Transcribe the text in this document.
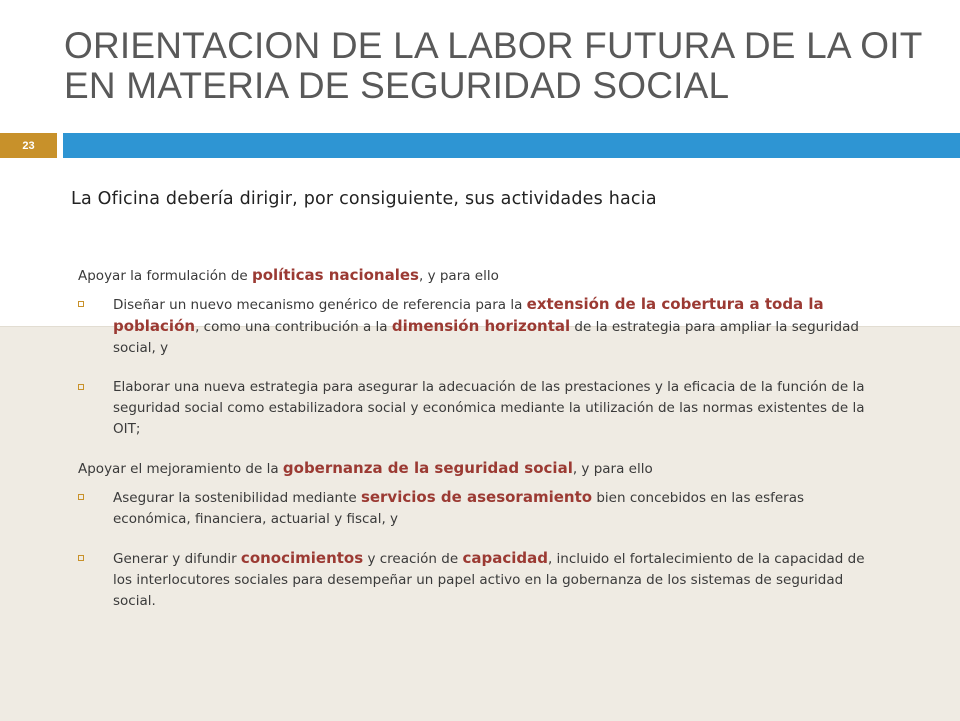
ORIENTACION DE LA LABOR FUTURA DE LA OIT
EN MATERIA DE SEGURIDAD SOCIAL
23
La Oficina debería dirigir, por consiguiente, sus actividades hacia

Apoyar la formulación de políticas nacionales, y para ello

Diseñar un nuevo mecanismo genérico de referencia para la extensión de la cobertura a toda la población, como una contribución a la dimensión horizontal de la estrategia para ampliar la seguridad social, y
Elaborar una nueva estrategia para asegurar la adecuación de las prestaciones y la eficacia de la función de la seguridad social como estabilizadora social y económica mediante la utilización de las normas existentes de la OIT;

Apoyar el mejoramiento de la gobernanza de la seguridad social, y para ello

Asegurar la sostenibilidad mediante servicios de asesoramiento bien concebidos en las esferas económica, financiera, actuarial y fiscal, y
Generar y difundir conocimientos y creación de capacidad, incluido el fortalecimiento de la capacidad de los interlocutores sociales para desempeñar un papel activo en la gobernanza de los sistemas de seguridad social.
